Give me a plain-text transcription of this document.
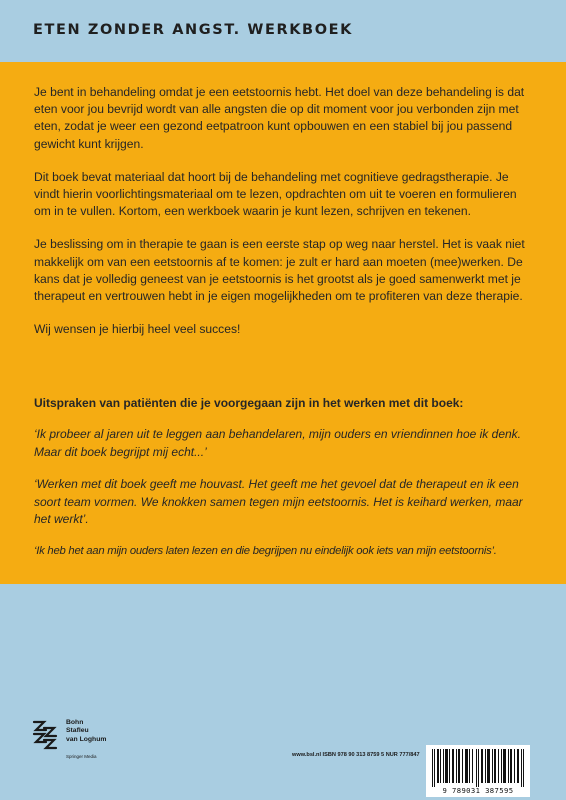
ETEN ZONDER ANGST. WERKBOEK

Je bent in behandeling omdat je een eetstoornis hebt. Het doel van deze behandeling is dat eten voor jou bevrijd wordt van alle angsten die op dit moment voor jou verbonden zijn met eten, zodat je weer een gezond eetpatroon kunt opbouwen en een stabiel bij jou passend gewicht kunt krijgen.

Dit boek bevat materiaal dat hoort bij de behandeling met cognitieve gedragstherapie. Je vindt hierin voorlichtingsmateriaal om te lezen, opdrachten om uit te voeren en formulieren om in te vullen. Kortom, een werkboek waarin je kunt lezen, schrijven en tekenen.

Je beslissing om in therapie te gaan is een eerste stap op weg naar herstel. Het is vaak niet makkelijk om van een eetstoornis af te komen: je zult er hard aan moeten (mee)werken. De kans dat je volledig geneest van je eetstoornis is het grootst als je goed samenwerkt met je therapeut en vertrouwen hebt in je eigen mogelijkheden om te profiteren van deze therapie.

Wij wensen je hierbij heel veel succes!

Uitspraken van patiënten die je voorgegaan zijn in het werken met dit boek:

‘Ik probeer al jaren uit te leggen aan behandelaren, mijn ouders en vriendinnen hoe ik denk. Maar dit boek begrijpt mij echt...’

‘Werken met dit boek geeft me houvast. Het geeft me het gevoel dat de therapeut en ik een soort team vormen. We knokken samen tegen mijn eetstoornis. Het is keihard werken, maar het werkt’.

‘Ik heb het aan mijn ouders laten lezen en die begrijpen nu eindelijk ook iets van mijn eetstoornis’.

Bohn
Stafleu
van Loghum
Springer Media	www.bsl.nl ISBN 978 90 313 8759 5 NUR 777/847
9 789031 387595
